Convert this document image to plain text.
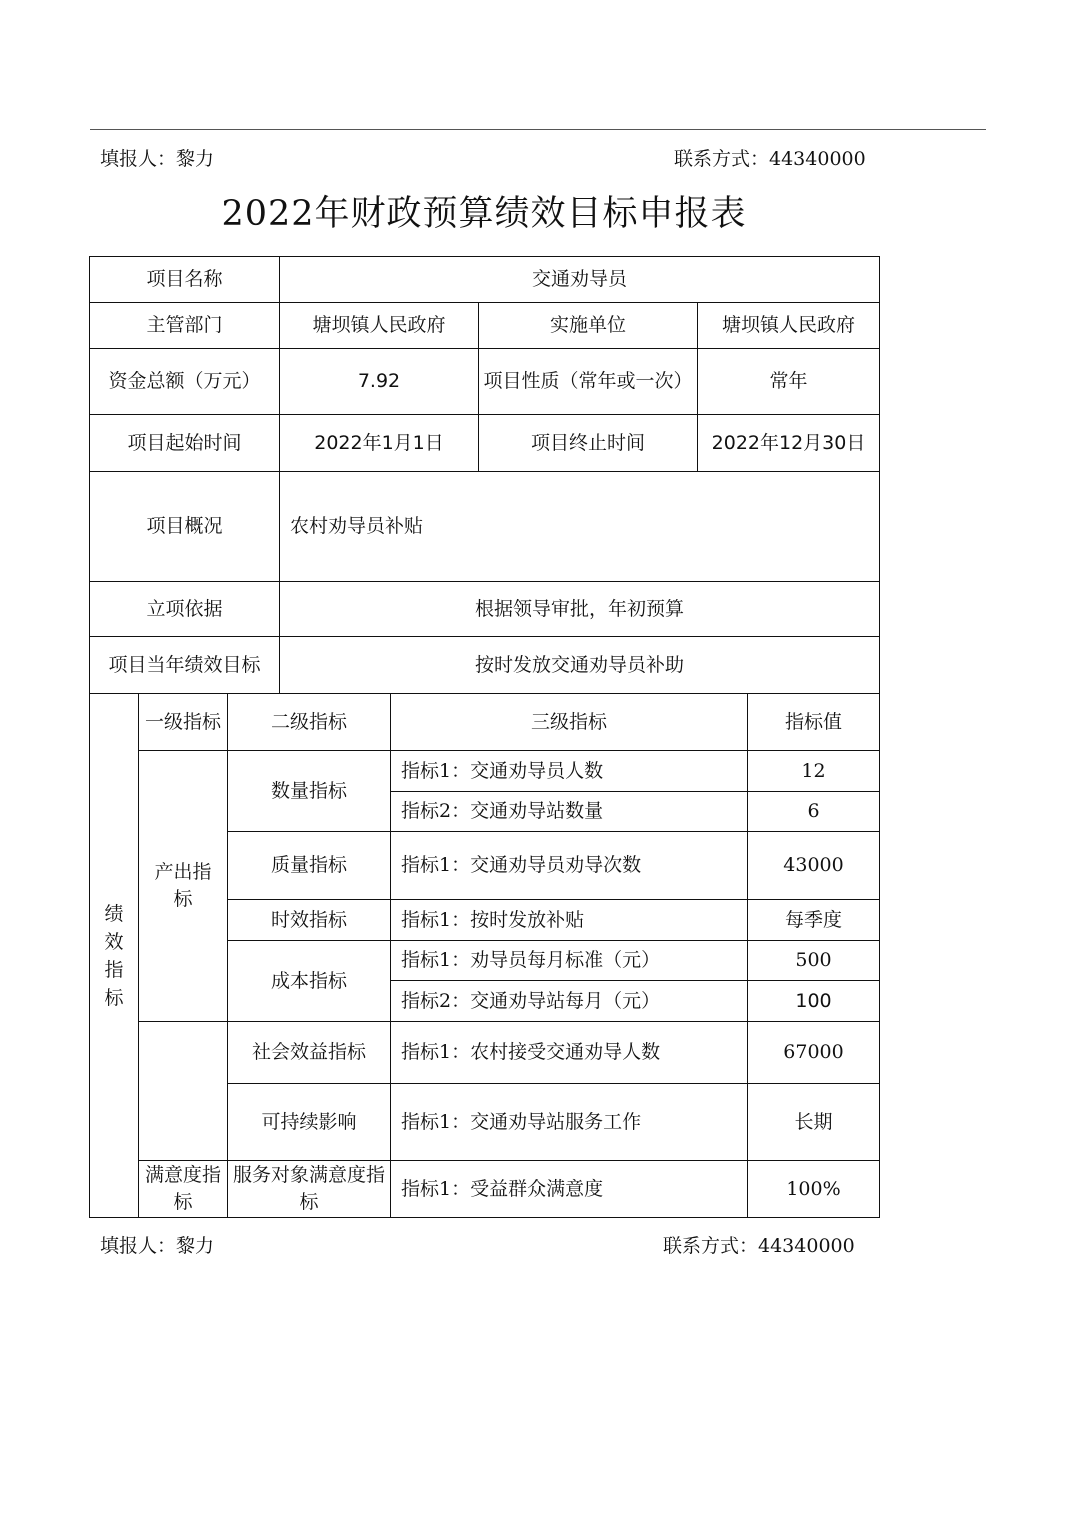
填报人：黎力	联系方式：44340000
2022年财政预算绩效目标申报表
项目名称	交通劝导员		
主管部门	塘坝镇人民政府	实施单位	塘坝镇人民政府
资金总额（万元）	7.92	项目性质（常年或一次）	常年
项目起始时间	2022年1月1日	项目终止时间	2022年12月30日
项目概况	农村劝导员补贴		
立项依据	根据领导审批，年初预算		
项目当年绩效目标	按时发放交通劝导员补助		
绩效指标	一级指标	二级指标	三级指标	指标值
	产出指标	数量指标	指标1：交通劝导员人数	12
			指标2：交通劝导站数量	6
		质量指标	指标1：交通劝导员劝导次数	43000
		时效指标	指标1：按时发放补贴	每季度
		成本指标	指标1：劝导员每月标准（元）	500
			指标2：交通劝导站每月（元）	100
		社会效益指标	指标1：农村接受交通劝导人数	67000
		可持续影响	指标1：交通劝导站服务工作	长期
	满意度指标	服务对象满意度指标	指标1：受益群众满意度	100%
填报人：黎力	联系方式：44340000
